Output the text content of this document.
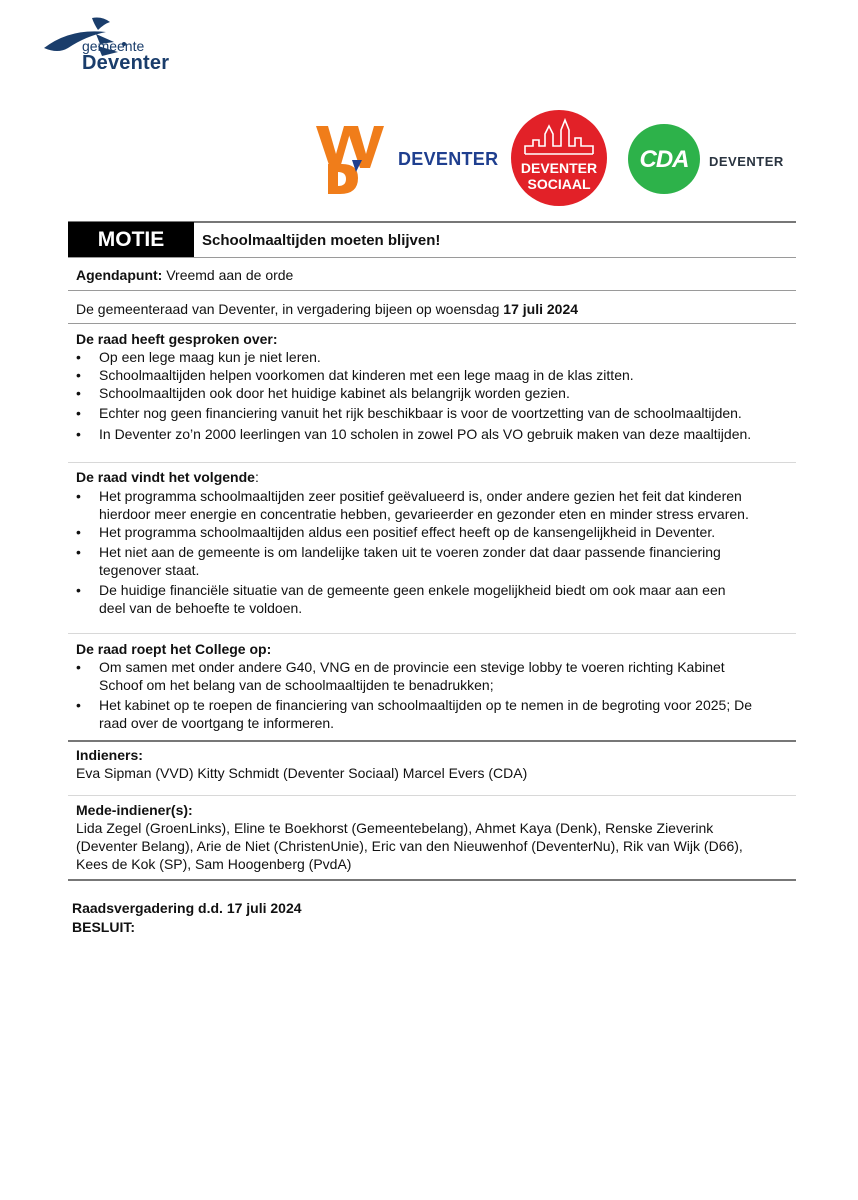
gemeente
Deventer
DEVENTER	DEVENTER
SOCIAAL
CDA	DEVENTER
MOTIE	Schoolmaaltijden moeten blijven!
Agendapunt: Vreemd aan de orde
De gemeenteraad van Deventer, in vergadering bijeen op woensdag 17 juli 2024
De raad heeft gesproken over:
• Op een lege maag kun je niet leren.
• Schoolmaaltijden helpen voorkomen dat kinderen met een lege maag in de klas zitten.
• Schoolmaaltijden ook door het huidige kabinet als belangrijk worden gezien.
• Echter nog geen financiering vanuit het rijk beschikbaar is voor de voortzetting van de schoolmaaltijden.
• In Deventer zo’n 2000 leerlingen van 10 scholen in zowel PO als VO gebruik maken van deze maaltijden.
De raad vindt het volgende:
• Het programma schoolmaaltijden zeer positief geëvalueerd is, onder andere gezien het feit dat kinderen
hierdoor meer energie en concentratie hebben, gevarieerder en gezonder eten en minder stress ervaren.
• Het programma schoolmaaltijden aldus een positief effect heeft op de kansengelijkheid in Deventer.
• Het niet aan de gemeente is om landelijke taken uit te voeren zonder dat daar passende financiering
tegenover staat.
• De huidige financiële situatie van de gemeente geen enkele mogelijkheid biedt om ook maar aan een
deel van de behoefte te voldoen.
De raad roept het College op:
• Om samen met onder andere G40, VNG en de provincie een stevige lobby te voeren richting Kabinet
Schoof om het belang van de schoolmaaltijden te benadrukken;
• Het kabinet op te roepen de financiering van schoolmaaltijden op te nemen in de begroting voor 2025; De
raad over de voortgang te informeren.
Indieners:
Eva Sipman (VVD) Kitty Schmidt (Deventer Sociaal) Marcel Evers (CDA)
Mede-indiener(s):
Lida Zegel (GroenLinks), Eline te Boekhorst (Gemeentebelang), Ahmet Kaya (Denk), Renske Zieverink
(Deventer Belang), Arie de Niet (ChristenUnie), Eric van den Nieuwenhof (DeventerNu), Rik van Wijk (D66),
Kees de Kok (SP), Sam Hoogenberg (PvdA)
Raadsvergadering d.d. 17 juli 2024
BESLUIT:
